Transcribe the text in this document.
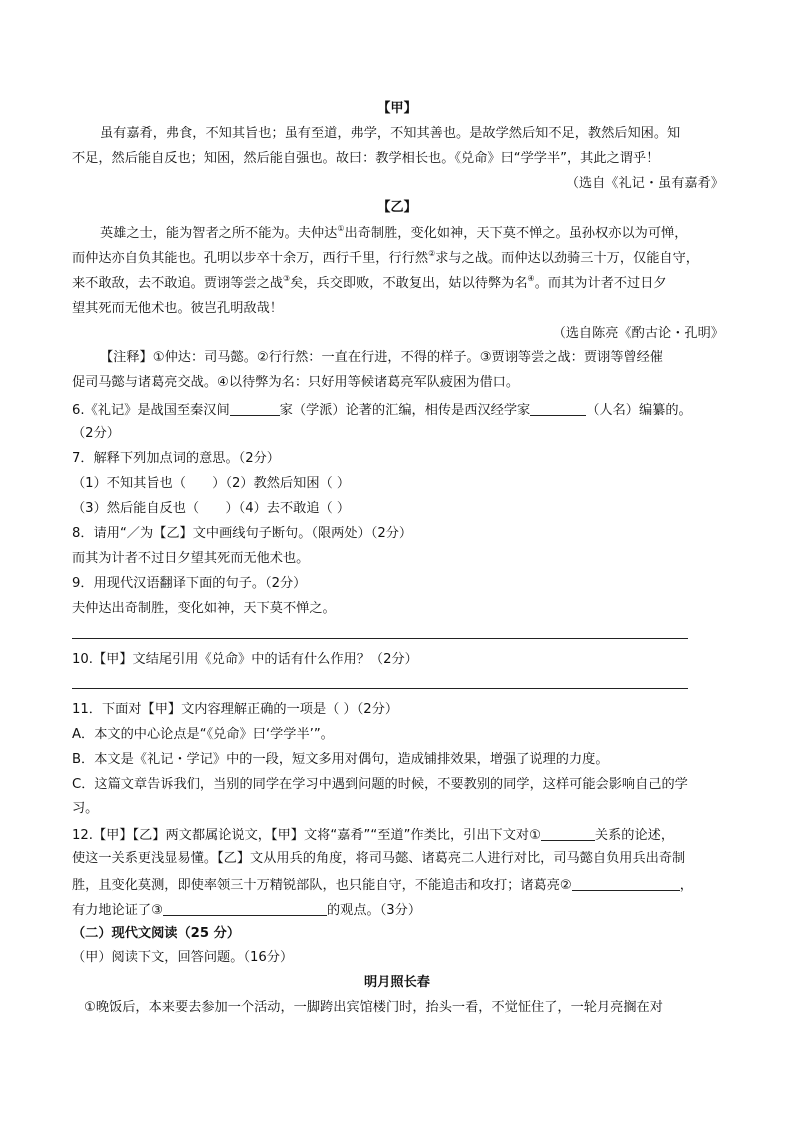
【甲】
虽有嘉肴，弗食，不知其旨也；虽有至道，弗学，不知其善也。是故学然后知不足，教然后知困。知
不足，然后能自反也；知困，然后能自强也。故曰：教学相长也。《兑命》曰“学学半”，其此之谓乎！
（选自《礼记・虽有嘉肴》
【乙】
英雄之士，能为智者之所不能为。夫仲达①出奇制胜，变化如神，天下莫不惮之。虽孙权亦以为可惮，
而仲达亦自负其能也。孔明以步卒十余万，西行千里，行行然②求与之战。而仲达以劲骑三十万，仅能自守，
来不敢敌，去不敢追。贾诩等尝之战③矣，兵交即败，不敢复出，姑以待弊为名④。而其为计者不过日夕
望其死而无他术也。彼岂孔明敌哉！
（选自陈亮《酌古论・孔明》
【注释】①仲达：司马懿。②行行然：一直在行进，不得的样子。③贾诩等尝之战：贾诩等曾经催
促司马懿与诸葛亮交战。④以待弊为名：只好用等候诸葛亮军队疲困为借口。
6.《礼记》是战国至秦汉间	家（学派）论著的汇编，相传是西汉经学家	（人名）编纂的。
（2分）
7．解释下列加点词的意思。（2分）
（1）不知其旨也（　　）（2）教然后知困（ ）
（3）然后能自反也（　　）（4）去不敢追（ ）
8．请用“／为【乙】文中画线句子断句。（限两处）（2分）
而其为计者不过日夕望其死而无他术也。
9．用现代汉语翻译下面的句子。（2分）
夫仲达出奇制胜，变化如神，天下莫不惮之。
10.【甲】文结尾引用《兑命》中的话有什么作用？（2分）
11．下面对【甲】文内容理解正确的一项是（ ）（2分）
A．本文的中心论点是“《兑命》曰‘学学半’”。
B．本文是《礼记・学记》中的一段，短文多用对偶句，造成铺排效果，增强了说理的力度。
C．这篇文章告诉我们，当别的同学在学习中遇到问题的时候，不要教别的同学，这样可能会影响自己的学
习。
12.【甲】【乙】两文都属论说文，【甲】文将“嘉肴”“至道”作类比，引出下文对①	关系的论述，
使这一关系更浅显易懂。【乙】文从用兵的角度，将司马懿、诸葛亮二人进行对比，司马懿自负用兵出奇制
胜，且变化莫测，即使率领三十万精锐部队，也只能自守，不能追击和攻打；诸葛亮②	，
有力地论证了③	的观点。（3分）
（二）现代文阅读（25 分）
（甲）阅读下文，回答问题。（16分）
明月照长春
①晚饭后，本来要去参加一个活动，一脚跨出宾馆楼门时，抬头一看，不觉怔住了，一轮月亮搁在对
